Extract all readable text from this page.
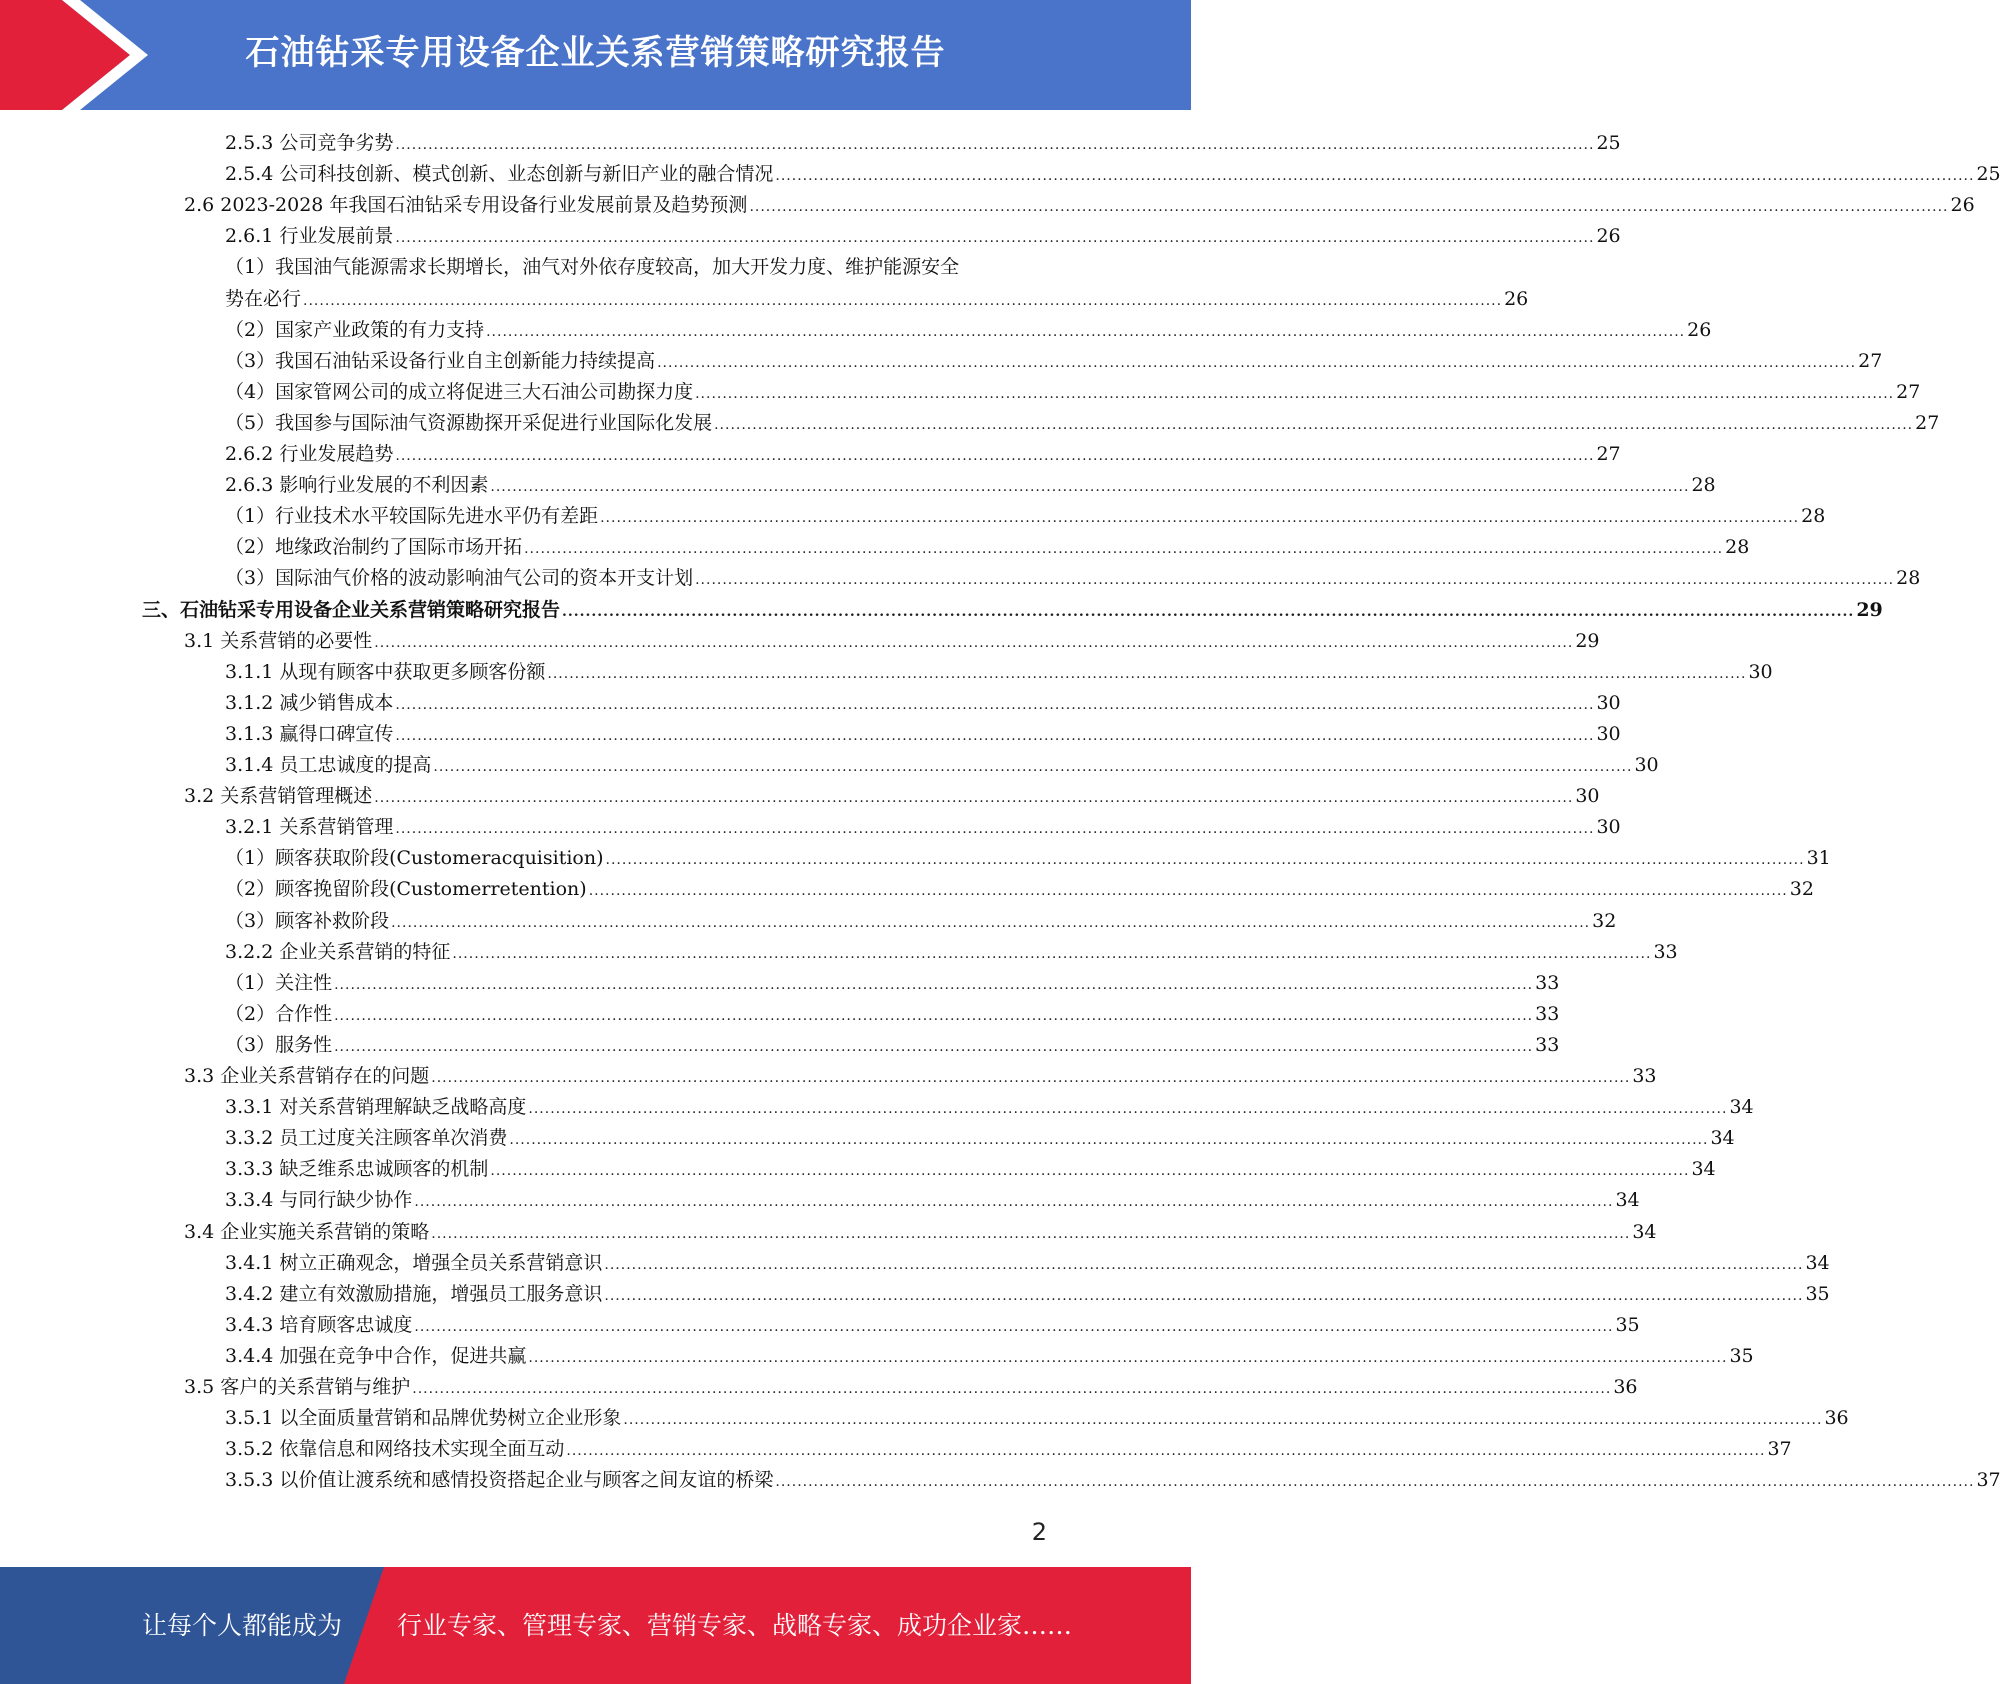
石油钻采专用设备企业关系营销策略研究报告
2.5.3 公司竞争劣势 ............................................................................................................................................................................................................................ 25
2.5.4 公司科技创新、模式创新、业态创新与新旧产业的融合情况 ............................................................................................................................................................................................................................ 25
2.6 2023-2028 年我国石油钻采专用设备行业发展前景及趋势预测 ............................................................................................................................................................................................................................ 26
2.6.1 行业发展前景 ............................................................................................................................................................................................................................ 26
（1）我国油气能源需求长期增长，油气对外依存度较高，加大开发力度、维护能源安全
势在必行 ............................................................................................................................................................................................................................ 26
（2）国家产业政策的有力支持 ............................................................................................................................................................................................................................ 26
（3）我国石油钻采设备行业自主创新能力持续提高 ............................................................................................................................................................................................................................ 27
（4）国家管网公司的成立将促进三大石油公司勘探力度 ............................................................................................................................................................................................................................ 27
（5）我国参与国际油气资源勘探开采促进行业国际化发展 ............................................................................................................................................................................................................................ 27
2.6.2 行业发展趋势 ............................................................................................................................................................................................................................ 27
2.6.3 影响行业发展的不利因素 ............................................................................................................................................................................................................................ 28
（1）行业技术水平较国际先进水平仍有差距 ............................................................................................................................................................................................................................ 28
（2）地缘政治制约了国际市场开拓 ............................................................................................................................................................................................................................ 28
（3）国际油气价格的波动影响油气公司的资本开支计划 ............................................................................................................................................................................................................................ 28
三、石油钻采专用设备企业关系营销策略研究报告 ............................................................................................................................................................................................................................ 29
3.1 关系营销的必要性 ............................................................................................................................................................................................................................ 29
3.1.1 从现有顾客中获取更多顾客份额 ............................................................................................................................................................................................................................ 30
3.1.2 减少销售成本 ............................................................................................................................................................................................................................ 30
3.1.3 赢得口碑宣传 ............................................................................................................................................................................................................................ 30
3.1.4 员工忠诚度的提高 ............................................................................................................................................................................................................................ 30
3.2 关系营销管理概述 ............................................................................................................................................................................................................................ 30
3.2.1 关系营销管理 ............................................................................................................................................................................................................................ 30
（1）顾客获取阶段(Customeracquisition) ............................................................................................................................................................................................................................ 31
（2）顾客挽留阶段(Customerretention) ............................................................................................................................................................................................................................ 32
（3）顾客补救阶段 ............................................................................................................................................................................................................................ 32
3.2.2 企业关系营销的特征 ............................................................................................................................................................................................................................ 33
（1）关注性 ............................................................................................................................................................................................................................ 33
（2）合作性 ............................................................................................................................................................................................................................ 33
（3）服务性 ............................................................................................................................................................................................................................ 33
3.3 企业关系营销存在的问题 ............................................................................................................................................................................................................................ 33
3.3.1 对关系营销理解缺乏战略高度 ............................................................................................................................................................................................................................ 34
3.3.2 员工过度关注顾客单次消费 ............................................................................................................................................................................................................................ 34
3.3.3 缺乏维系忠诚顾客的机制 ............................................................................................................................................................................................................................ 34
3.3.4 与同行缺少协作 ............................................................................................................................................................................................................................ 34
3.4 企业实施关系营销的策略 ............................................................................................................................................................................................................................ 34
3.4.1 树立正确观念，增强全员关系营销意识 ............................................................................................................................................................................................................................ 34
3.4.2 建立有效激励措施，增强员工服务意识 ............................................................................................................................................................................................................................ 35
3.4.3 培育顾客忠诚度 ............................................................................................................................................................................................................................ 35
3.4.4 加强在竞争中合作，促进共赢 ............................................................................................................................................................................................................................ 35
3.5 客户的关系营销与维护 ............................................................................................................................................................................................................................ 36
3.5.1 以全面质量营销和品牌优势树立企业形象 ............................................................................................................................................................................................................................ 36
3.5.2 依靠信息和网络技术实现全面互动 ............................................................................................................................................................................................................................ 37
3.5.3 以价值让渡系统和感情投资搭起企业与顾客之间友谊的桥梁 ............................................................................................................................................................................................................................ 37
2
让每个人都能成为 行业专家、管理专家、营销专家、战略专家、成功企业家……
